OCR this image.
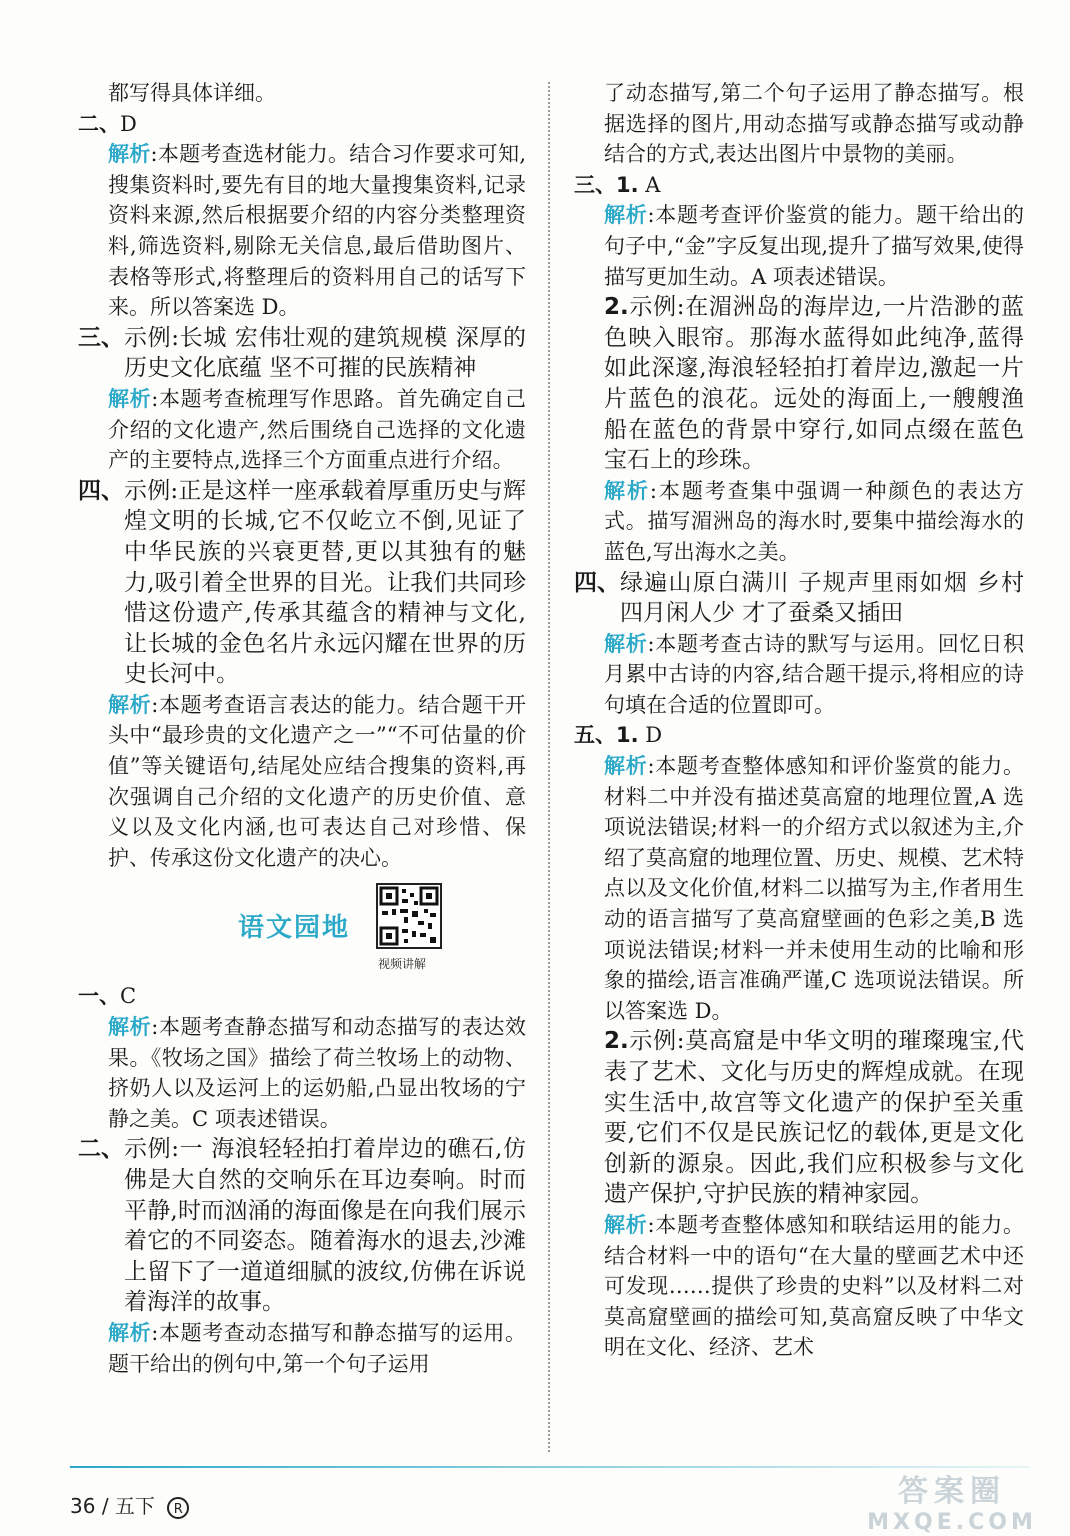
都写得具体详细。
二、D
解析:本题考查选材能力。结合习作要求可知,搜集资料时,要先有目的地大量搜集资料,记录资料来源,然后根据要介绍的内容分类整理资料,筛选资料,剔除无关信息,最后借助图片、表格等形式,将整理后的资料用自己的话写下来。所以答案选 D。
三、 示例:长城 宏伟壮观的建筑规模 深厚的历史文化底蕴 坚不可摧的民族精神
解析:本题考查梳理写作思路。首先确定自己介绍的文化遗产,然后围绕自己选择的文化遗产的主要特点,选择三个方面重点进行介绍。
四、 示例:正是这样一座承载着厚重历史与辉煌文明的长城,它不仅屹立不倒,见证了中华民族的兴衰更替,更以其独有的魅力,吸引着全世界的目光。让我们共同珍惜这份遗产,传承其蕴含的精神与文化,让长城的金色名片永远闪耀在世界的历史长河中。
解析:本题考查语言表达的能力。结合题干开头中“最珍贵的文化遗产之一”“不可估量的价值”等关键语句,结尾处应结合搜集的资料,再次强调自己介绍的文化遗产的历史价值、意义以及文化内涵,也可表达自己对珍惜、保护、传承这份文化遗产的决心。
语文园地
视频讲解
一、C
解析:本题考查静态描写和动态描写的表达效果。《牧场之国》描绘了荷兰牧场上的动物、挤奶人以及运河上的运奶船,凸显出牧场的宁静之美。C 项表述错误。
二、 示例:一 海浪轻轻拍打着岸边的礁石,仿佛是大自然的交响乐在耳边奏响。时而平静,时而汹涌的海面像是在向我们展示着它的不同姿态。随着海水的退去,沙滩上留下了一道道细腻的波纹,仿佛在诉说着海洋的故事。
解析:本题考查动态描写和静态描写的运用。题干给出的例句中,第一个句子运用
了动态描写,第二个句子运用了静态描写。根据选择的图片,用动态描写或静态描写或动静结合的方式,表达出图片中景物的美丽。
三、1. A
解析:本题考查评价鉴赏的能力。题干给出的句子中,“金”字反复出现,提升了描写效果,使得描写更加生动。A 项表述错误。
2.示例:在湄洲岛的海岸边,一片浩渺的蓝色映入眼帘。那海水蓝得如此纯净,蓝得如此深邃,海浪轻轻拍打着岸边,激起一片片蓝色的浪花。远处的海面上,一艘艘渔船在蓝色的背景中穿行,如同点缀在蓝色宝石上的珍珠。
解析:本题考查集中强调一种颜色的表达方式。描写湄洲岛的海水时,要集中描绘海水的蓝色,写出海水之美。
四、 绿遍山原白满川 子规声里雨如烟 乡村四月闲人少 才了蚕桑又插田
解析:本题考查古诗的默写与运用。回忆日积月累中古诗的内容,结合题干提示,将相应的诗句填在合适的位置即可。
五、1. D
解析:本题考查整体感知和评价鉴赏的能力。材料二中并没有描述莫高窟的地理位置,A 选项说法错误;材料一的介绍方式以叙述为主,介绍了莫高窟的地理位置、历史、规模、艺术特点以及文化价值,材料二以描写为主,作者用生动的语言描写了莫高窟壁画的色彩之美,B 选项说法错误;材料一并未使用生动的比喻和形象的描绘,语言准确严谨,C 选项说法错误。所以答案选 D。
2.示例:莫高窟是中华文明的璀璨瑰宝,代表了艺术、文化与历史的辉煌成就。在现实生活中,故宫等文化遗产的保护至关重要,它们不仅是民族记忆的载体,更是文化创新的源泉。因此,我们应积极参与文化遗产保护,守护民族的精神家园。
解析:本题考查整体感知和联结运用的能力。结合材料一中的语句“在大量的壁画艺术中还可发现……提供了珍贵的史料”以及材料二对莫高窟壁画的描绘可知,莫高窟反映了中华文明在文化、经济、艺术
36 / 五下 R	答案圈
MXQE.COM
